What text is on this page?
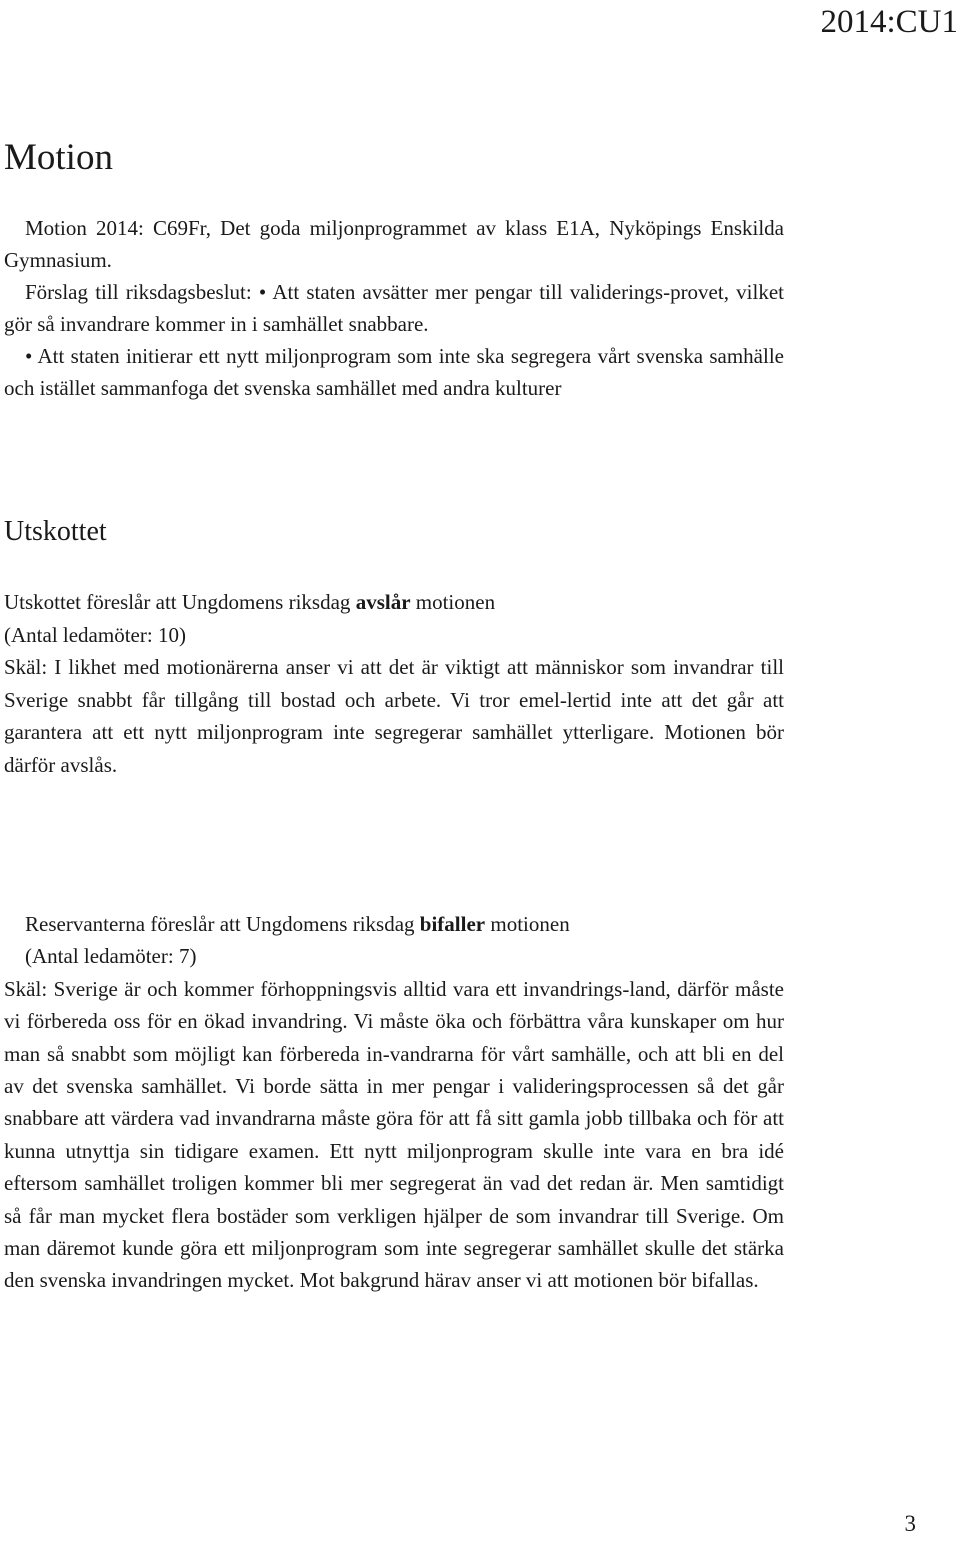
2014:CU1
Motion

Motion 2014: C69Fr, Det goda miljonprogrammet av klass E1A, Nyköpings Enskilda Gymnasium.

Förslag till riksdagsbeslut: • Att staten avsätter mer pengar till validerings-provet, vilket gör så invandrare kommer in i samhället snabbare.

• Att staten initierar ett nytt miljonprogram som inte ska segregera vårt svenska samhälle och istället sammanfoga det svenska samhället med andra kulturer

Utskottet

Utskottet föreslår att Ungdomens riksdag avslår motionen

(Antal ledamöter: 10)

Skäl: I likhet med motionärerna anser vi att det är viktigt att människor som invandrar till Sverige snabbt får tillgång till bostad och arbete. Vi tror emel-lertid inte att det går att garantera att ett nytt miljonprogram inte segregerar samhället ytterligare. Motionen bör därför avslås.

Reservanterna föreslår att Ungdomens riksdag bifaller motionen

(Antal ledamöter: 7)

Skäl: Sverige är och kommer förhoppningsvis alltid vara ett invandrings-land, därför måste vi förbereda oss för en ökad invandring. Vi måste öka och förbättra våra kunskaper om hur man så snabbt som möjligt kan förbereda in-vandrarna för vårt samhälle, och att bli en del av det svenska samhället. Vi borde sätta in mer pengar i valideringsprocessen så det går snabbare att värdera vad invandrarna måste göra för att få sitt gamla jobb tillbaka och för att kunna utnyttja sin tidigare examen. Ett nytt miljonprogram skulle inte vara en bra idé eftersom samhället troligen kommer bli mer segregerat än vad det redan är. Men samtidigt så får man mycket flera bostäder som verkligen hjälper de som invandrar till Sverige. Om man däremot kunde göra ett miljonprogram som inte segregerar samhället skulle det stärka den svenska invandringen mycket. Mot bakgrund härav anser vi att motionen bör bifallas.

3
